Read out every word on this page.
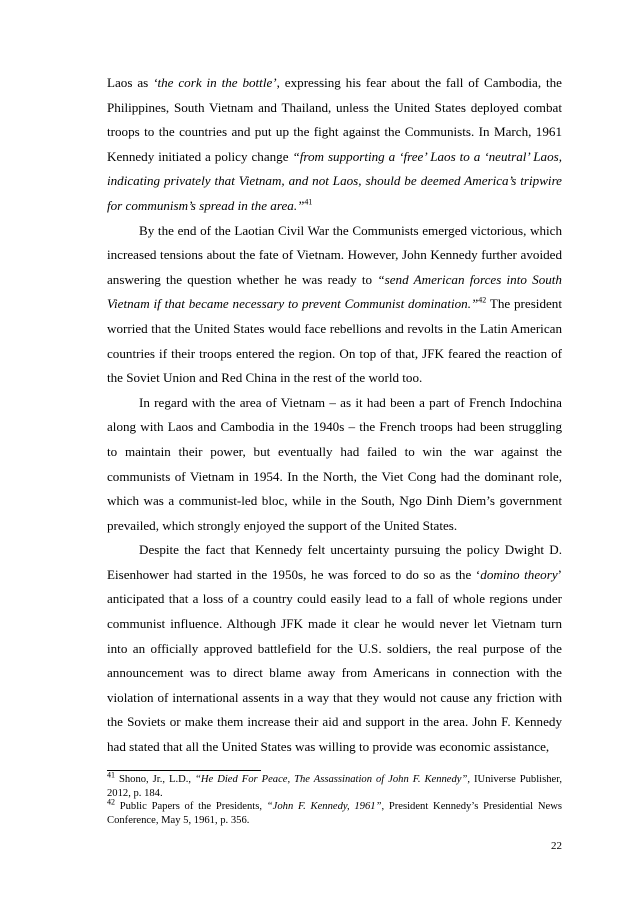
Laos as ‘the cork in the bottle’, expressing his fear about the fall of Cambodia, the Philippines, South Vietnam and Thailand, unless the United States deployed combat troops to the countries and put up the fight against the Communists. In March, 1961 Kennedy initiated a policy change “from supporting a ‘free’ Laos to a ‘neutral’ Laos, indicating privately that Vietnam, and not Laos, should be deemed America’s tripwire for communism’s spread in the area.”$^{41}$

By the end of the Laotian Civil War the Communists emerged victorious, which increased tensions about the fate of Vietnam. However, John Kennedy further avoided answering the question whether he was ready to “send American forces into South Vietnam if that became necessary to prevent Communist domination.”$^{42}$ The president worried that the United States would face rebellions and revolts in the Latin American countries if their troops entered the region. On top of that, JFK feared the reaction of the Soviet Union and Red China in the rest of the world too.

In regard with the area of Vietnam – as it had been a part of French Indochina along with Laos and Cambodia in the 1940s – the French troops had been struggling to maintain their power, but eventually had failed to win the war against the communists of Vietnam in 1954. In the North, the Viet Cong had the dominant role, which was a communist-led bloc, while in the South, Ngo Dinh Diem’s government prevailed, which strongly enjoyed the support of the United States.

Despite the fact that Kennedy felt uncertainty pursuing the policy Dwight D. Eisenhower had started in the 1950s, he was forced to do so as the ‘domino theory’ anticipated that a loss of a country could easily lead to a fall of whole regions under communist influence. Although JFK made it clear he would never let Vietnam turn into an officially approved battlefield for the U.S. soldiers, the real purpose of the announcement was to direct blame away from Americans in connection with the violation of international assents in a way that they would not cause any friction with the Soviets or make them increase their aid and support in the area. John F. Kennedy had stated that all the United States was willing to provide was economic assistance,

$^{41}$ Shono, Jr., L.D., “He Died For Peace, The Assassination of John F. Kennedy”, IUniverse Publisher, 2012, p. 184.

$^{42}$ Public Papers of the Presidents, “John F. Kennedy, 1961”, President Kennedy’s Presidential News Conference, May 5, 1961, p. 356.

22
